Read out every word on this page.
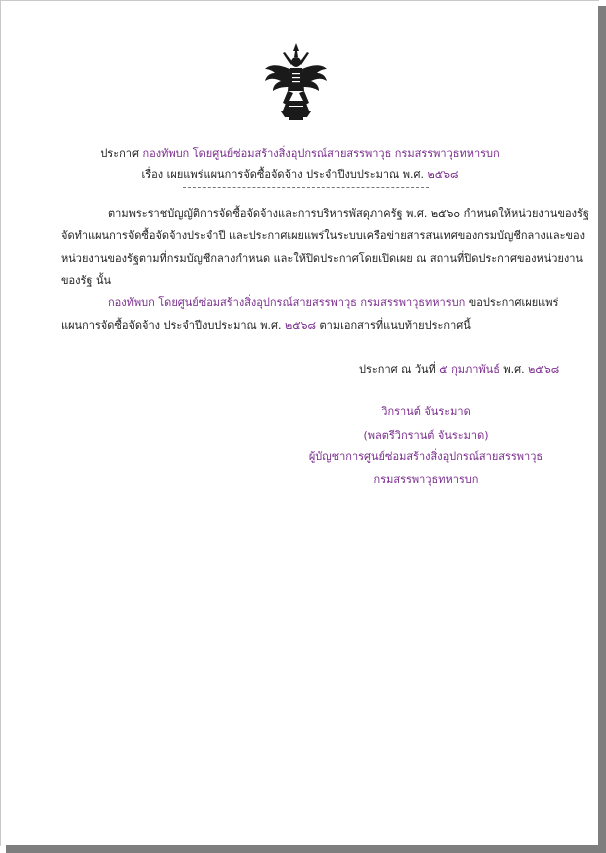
ประกาศ กองทัพบก โดยศูนย์ซ่อมสร้างสิ่งอุปกรณ์สายสรรพาวุธ กรมสรรพาวุธทหารบก
เรื่อง เผยแพร่แผนการจัดซื้อจัดจ้าง ประจำปีงบประมาณ พ.ศ. ๒๕๖๘
ตามพระราชบัญญัติการจัดซื้อจัดจ้างและการบริหารพัสดุภาครัฐ พ.ศ. ๒๕๖๐ กำหนดให้หน่วยงานของรัฐ
จัดทำแผนการจัดซื้อจัดจ้างประจำปี และประกาศเผยแพร่ในระบบเครือข่ายสารสนเทศของกรมบัญชีกลางและของ
หน่วยงานของรัฐตามที่กรมบัญชีกลางกำหนด และให้ปิดประกาศโดยเปิดเผย ณ สถานที่ปิดประกาศของหน่วยงาน
ของรัฐ นั้น
กองทัพบก โดยศูนย์ซ่อมสร้างสิ่งอุปกรณ์สายสรรพาวุธ กรมสรรพาวุธทหารบก ขอประกาศเผยแพร่
แผนการจัดซื้อจัดจ้าง ประจำปีงบประมาณ พ.ศ. ๒๕๖๘ ตามเอกสารที่แนบท้ายประกาศนี้
ประกาศ ณ วันที่ ๕ กุมภาพันธ์ พ.ศ. ๒๕๖๘
วิกรานต์ จันระมาด
(พลตรีวิกรานต์ จันระมาด)
ผู้บัญชาการศูนย์ซ่อมสร้างสิ่งอุปกรณ์สายสรรพาวุธ
กรมสรรพาวุธทหารบก
